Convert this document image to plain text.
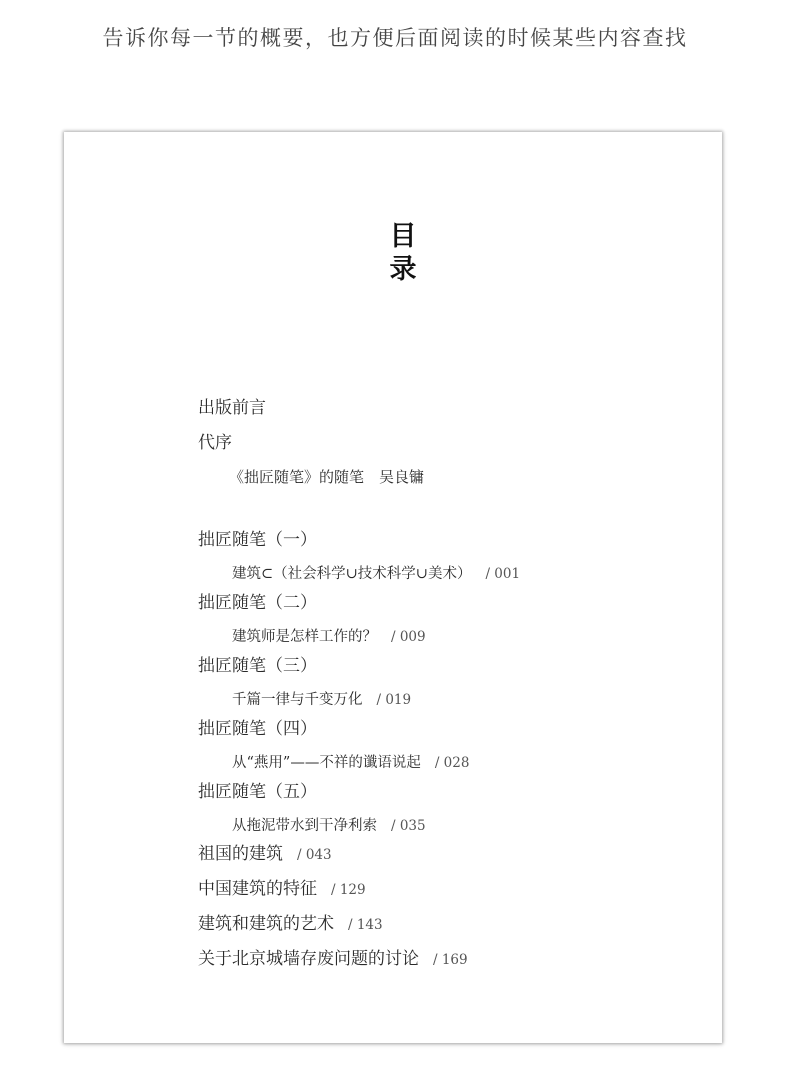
告诉你每一节的概要，也方便后面阅读的时候某些内容查找
目录
出版前言
代序
《拙匠随笔》的随笔　吴良镛
拙匠随笔（一）
建筑⊂（社会科学∪技术科学∪美术） / 001
拙匠随笔（二）
建筑师是怎样工作的？ / 009
拙匠随笔（三）
千篇一律与千变万化 / 019
拙匠随笔（四）
从“燕用”——不祥的谶语说起 / 028
拙匠随笔（五）
从拖泥带水到干净利索 / 035
祖国的建筑 / 043
中国建筑的特征 / 129
建筑和建筑的艺术 / 143
关于北京城墙存废问题的讨论 / 169
